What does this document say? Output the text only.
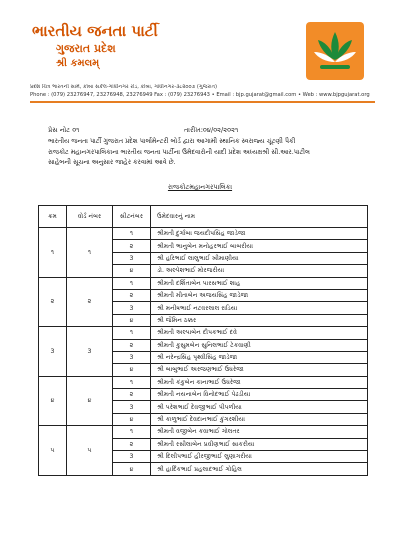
ભારતીય જનતા પાર્ટી
ગુજરાત પ્રદેશ
શ્રી કમલમ્
પ્રદેશ ચિત્ર ભારતની સામે, કોબા સર્કલ-ગાંધીનગર રોડ, કોબા, ગાંધીનગર-૩૮૨૦૦૭ (ગુજરાત)
Phone : (079) 23276947, 23276948, 23276949 Fax : (079) 23276943 • Email : bjp.gujarat@gmail.com • Web : www.bjpgujarat.org
પ્રેસ નોટ ૦૧	તારીખ:૦૪/૦૨/૨૦૨૧
ભારતીય જનતા પાર્ટી ગુજરાત પ્રદેશ પાર્લામેન્ટરી બોર્ડ દ્વારા આગામી સ્થાનિક સ્વરાજ્ય ચૂંટણી પૈકી
રાજકોટ મહાનગરપાલિકાના ભારતીય જનતા પાર્ટીના ઉમેદવારોની યાદી પ્રદેશ અધ્યક્ષશ્રી સી.આર.પાટીલ
સાહેબની સૂચના અનુસાર જાહેર કરવામાં આવે છે.
રાજકોટમહાનગરપાલિકા
ક્રમ	વોર્ડ નંબર	સીટનંબર	ઉમેદવારનું નામ
૧	૧	૧	શ્રીમતી દુર્ગાબા જયદીપસિંહ જાડેજા
		૨	શ્રીમતી ભાનુબેન મનોહરભાઈ બાબરીયા
		3	શ્રી હરિભાઈ લાલુભાઈ ખીમાણીયા
		૪	ડો. અલ્પેશભાઈ મોરજરીયા
૨	૨	૧	શ્રીમતી દર્શિતાબેન પારસભાઈ શાહ
		૨	શ્રીમતી મીતાબેન અજયસિંહ જાડેજા
		3	શ્રી મનીષભાઈ નટવરલાલ રાડિયા
		૪	શ્રી જૈમિન ઠક્કર
3	3	૧	શ્રીમતી અલ્પાબેન દીપકભાઈ દવે
		૨	શ્રીમતી કુસુમબેન સુનિલભાઈ ટેકવાણી
		3	શ્રી નરેન્દ્રસિંહ પૃથ્વીસિંહ જાડેજા
		૪	શ્રી બાબુભાઈ અરજણભાઈ ઉધરેજા
૪	૪	૧	શ્રીમતી કંકુબેન કાનાભાઈ ઉધરેજા
		૨	શ્રીમતી નયનાબેન વિનોદભાઈ પેઢડીયા
		3	શ્રી પરેશભાઈ દેવજીભાઈ પીપળીયા
		૪	શ્રી કાળુભાઈ દેવદાનભાઈ કુંગરશીયા
૫	૫	૧	શ્રીમતી વજીબેન કવાભાઈ ગોલતર
		૨	શ્રીમતી રસીલાબેન પ્રવીણભાઈ સાકરીયા
		3	શ્રી દિલીપભાઈ હીરજીભાઈ લુણાગરીયા
		૪	શ્રી હાર્દિકભાઈ પ્રહલાદભાઈ ગોહિલ
